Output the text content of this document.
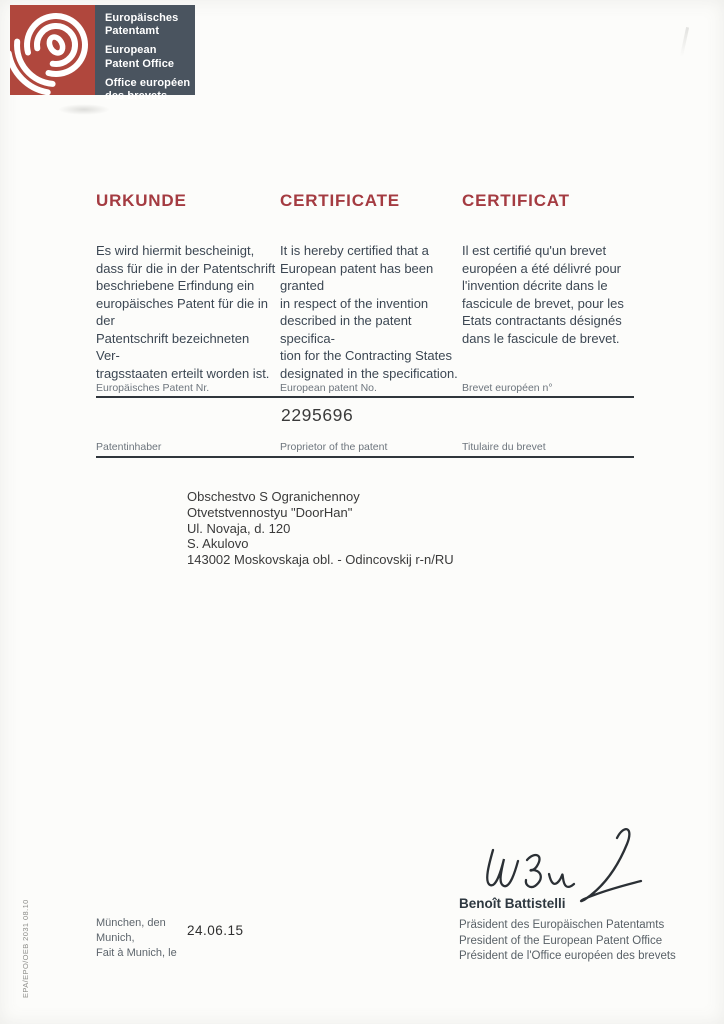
Europäisches
Patentamt
European
Patent Office
Office européen
des brevets
URKUNDE	CERTIFICATE	CERTIFICAT
Es wird hiermit bescheinigt,
dass für die in der Patentschrift
beschriebene Erfindung ein
europäisches Patent für die in der
Patentschrift bezeichneten Ver-
tragsstaaten erteilt worden ist.
It is hereby certified that a
European patent has been granted
in respect of the invention
described in the patent specifica-
tion for the Contracting States
designated in the specification.
Il est certifié qu'un brevet
européen a été délivré pour
l'invention décrite dans le
fascicule de brevet, pour les
Etats contractants désignés
dans le fascicule de brevet.
Europäisches Patent Nr.	European patent No.	Brevet européen n°
2295696
Patentinhaber	Proprietor of the patent	Titulaire du brevet
Obschestvo S Ogranichennoy
Otvetstvennostyu "DoorHan"
Ul. Novaja, d. 120
S. Akulovo
143002 Moskovskaja obl. - Odincovskij r-n/RU
Benoît Battistelli
Präsident des Europäischen Patentamts
President of the European Patent Office
Président de l'Office européen des brevets
München, den
Munich,
Fait à Munich, le
24.06.15
EPA/EPO/OEB 2031 08.10
